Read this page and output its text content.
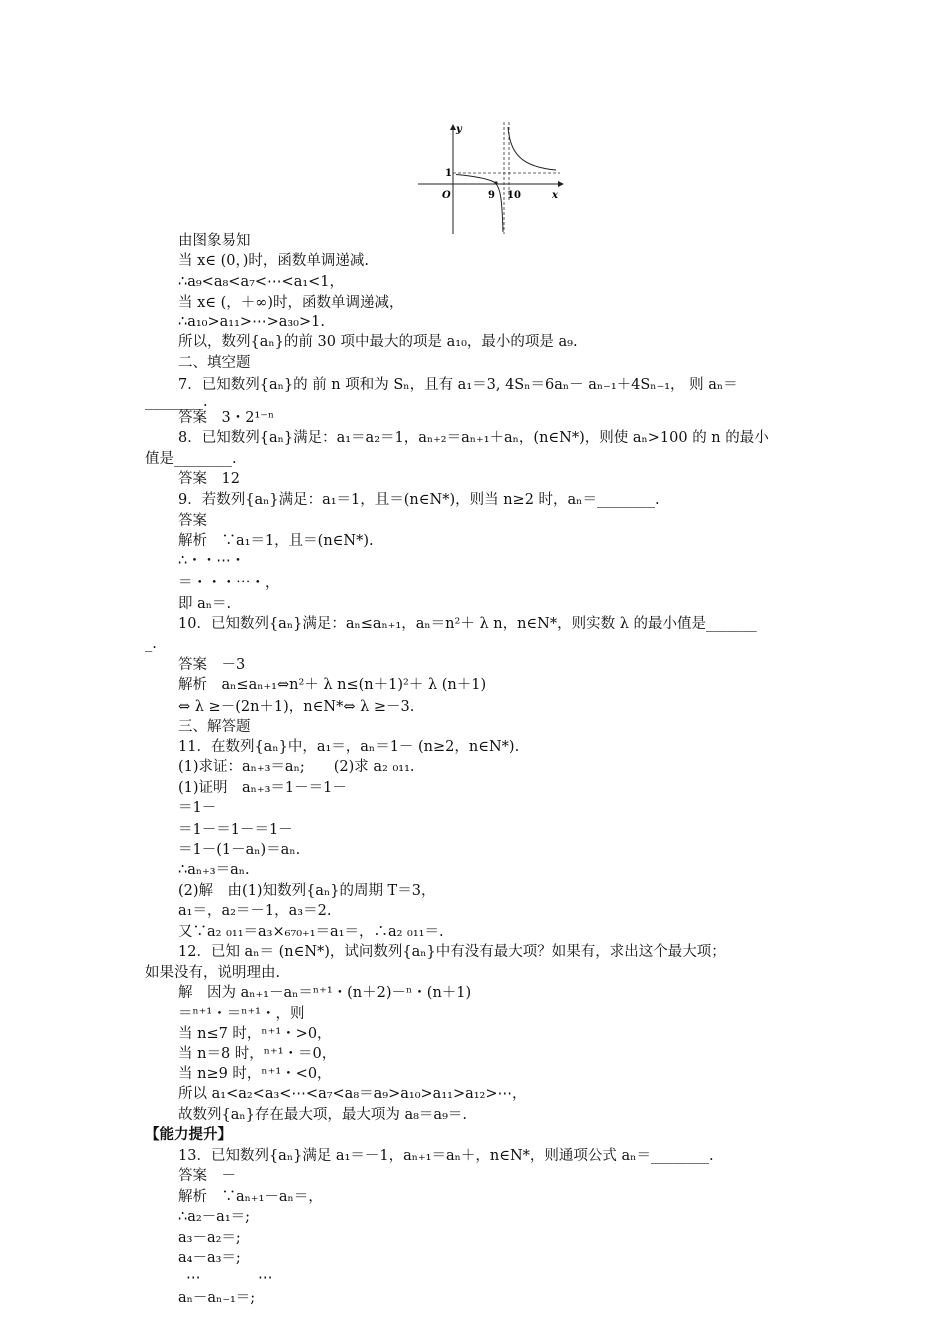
y
x
O
1
9 10
由图象易知
当 x∈ (0，)时，函数单调递减.
∴a₉<a₈<a₇<⋯<a₁<1，
当 x∈ (，＋∞)时，函数单调递减，
∴a₁₀>a₁₁>⋯>a₃₀>1.
所以，数列{aₙ}的前 30 项中最大的项是 a₁₀，最小的项是 a₉.
二、填空题
7．已知数列{aₙ}的 前 n 项和为 Sₙ，且有 a₁＝3, 4Sₙ＝6aₙ－ aₙ₋₁＋4Sₙ₋₁， 则 aₙ＝
________.
答案　3・2¹⁻ⁿ
8．已知数列{aₙ}满足：a₁＝a₂＝1，aₙ₊₂＝aₙ₊₁＋aₙ，(n∈N*)，则使 aₙ>100 的 n 的最小
值是________.
答案　12
9．若数列{aₙ}满足：a₁＝1，且＝(n∈N*)，则当 n≥2 时，aₙ＝________.
答案
解析　∵a₁＝1，且＝(n∈N*).
∴・・⋯・
＝・・・⋯・，
即 aₙ＝.
10．已知数列{aₙ}满足：aₙ≤aₙ₊₁，aₙ＝n²＋ λ n，n∈N*，则实数 λ 的最小值是_______
_.
答案　－3
解析　aₙ≤aₙ₊₁⇔n²＋ λ n≤(n＋1)²＋ λ (n＋1)
⇔ λ ≥－(2n＋1)，n∈N*⇔ λ ≥－3.
三、解答题
11．在数列{aₙ}中，a₁＝，aₙ＝1－ (n≥2，n∈N*).
(1)求证：aₙ₊₃＝aₙ;　　(2)求 a₂ ₀₁₁.
(1)证明　aₙ₊₃＝1－＝1－
＝1－
＝1－＝1－＝1－
＝1－(1－aₙ)＝aₙ.
∴aₙ₊₃＝aₙ.
(2)解　由(1)知数列{aₙ}的周期 T＝3，
a₁＝，a₂＝－1，a₃＝2.
又∵a₂ ₀₁₁＝a₃×₆₇₀₊₁＝a₁＝，∴a₂ ₀₁₁＝.
12．已知 aₙ＝ (n∈N*)，试问数列{aₙ}中有没有最大项？如果有，求出这个最大项；
如果没有，说明理由.
解　因为 aₙ₊₁－aₙ＝ⁿ⁺¹・(n＋2)－ⁿ・(n＋1)
＝ⁿ⁺¹・＝ⁿ⁺¹・，则
当 n≤7 时，ⁿ⁺¹・>0，
当 n＝8 时，ⁿ⁺¹・＝0，
当 n≥9 时，ⁿ⁺¹・<0，
所以 a₁<a₂<a₃<⋯<a₇<a₈＝a₉>a₁₀>a₁₁>a₁₂>⋯，
故数列{aₙ}存在最大项，最大项为 a₈＝a₉＝.
【能力提升】
13．已知数列{aₙ}满足 a₁＝－1，aₙ₊₁＝aₙ＋，n∈N*，则通项公式 aₙ＝________.
答案　－
解析　∵aₙ₊₁－aₙ＝，
∴a₂－a₁＝;
a₃－a₂＝;
a₄－a₃＝;
⋯	⋯
aₙ－aₙ₋₁＝;
